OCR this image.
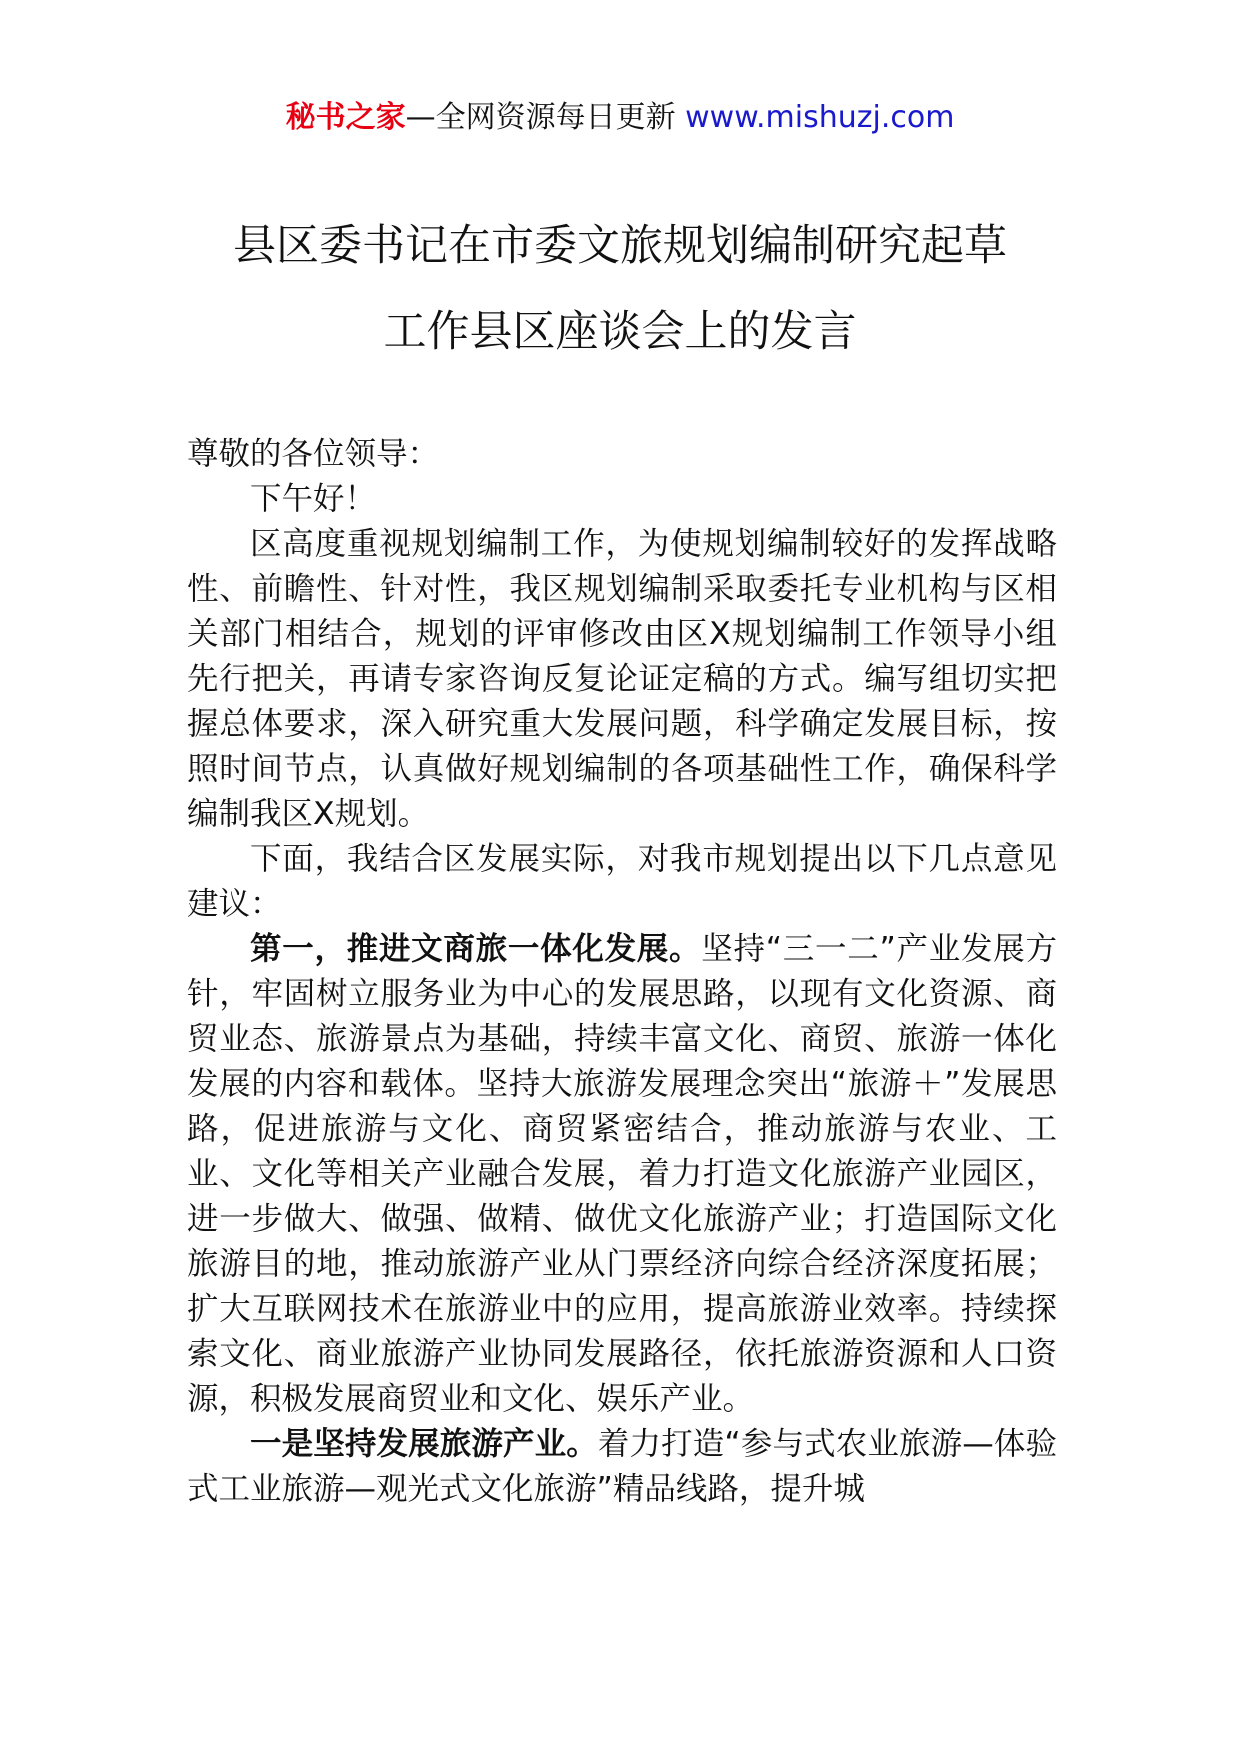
秘书之家—全网资源每日更新 www.mishuzj.com
县区委书记在市委文旅规划编制研究起草
工作县区座谈会上的发言

尊敬的各位领导：

下午好！

区高度重视规划编制工作，为使规划编制较好的发挥战略性、前瞻性、针对性，我区规划编制采取委托专业机构与区相关部门相结合，规划的评审修改由区X规划编制工作领导小组先行把关，再请专家咨询反复论证定稿的方式。编写组切实把握总体要求，深入研究重大发展问题，科学确定发展目标，按照时间节点，认真做好规划编制的各项基础性工作，确保科学编制我区X规划。

下面，我结合区发展实际，对我市规划提出以下几点意见建议：

第一，推进文商旅一体化发展。坚持“三一二”产业发展方针，牢固树立服务业为中心的发展思路，以现有文化资源、商贸业态、旅游景点为基础，持续丰富文化、商贸、旅游一体化发展的内容和载体。坚持大旅游发展理念突出“旅游＋”发展思路，促进旅游与文化、商贸紧密结合，推动旅游与农业、工业、文化等相关产业融合发展，着力打造文化旅游产业园区，进一步做大、做强、做精、做优文化旅游产业；打造国际文化旅游目的地，推动旅游产业从门票经济向综合经济深度拓展；扩大互联网技术在旅游业中的应用，提高旅游业效率。持续探索文化、商业旅游产业协同发展路径，依托旅游资源和人口资源，积极发展商贸业和文化、娱乐产业。

一是坚持发展旅游产业。着力打造“参与式农业旅游—体验式工业旅游—观光式文化旅游”精品线路，提升城
